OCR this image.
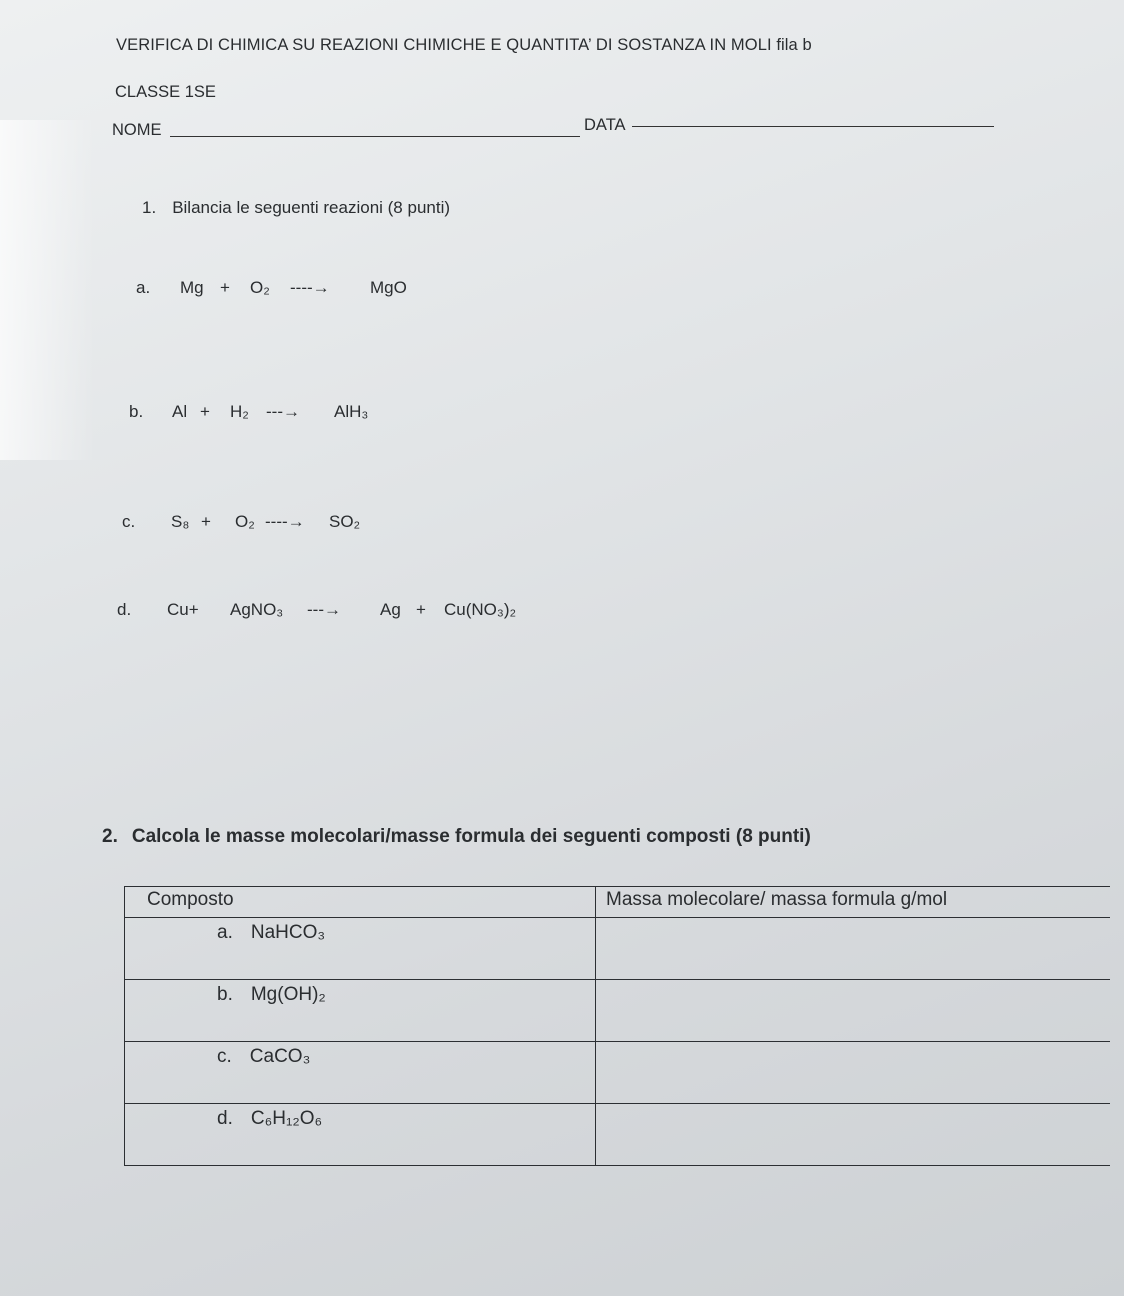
VERIFICA DI CHIMICA SU REAZIONI CHIMICHE E QUANTITA’ DI SOSTANZA IN MOLI fila b
CLASSE 1SE
NOME	DATA
1. Bilancia le seguenti reazioni (8 punti)
a.	Mg +	O₂	----→	MgO
b.	Al +	H₂	---→	AlH₃
c.	S₈ +	O₂ ----→	SO₂
d.	Cu+	AgNO₃	---→	Ag +	Cu(NO₃)₂
2. Calcola le masse molecolari/masse formula dei seguenti composti (8 punti)
Composto	Massa molecolare/ massa formula g/mol
a. NaHCO₃	
b. Mg(OH)₂	
c. CaCO₃	
d. C₆H₁₂O₆	
